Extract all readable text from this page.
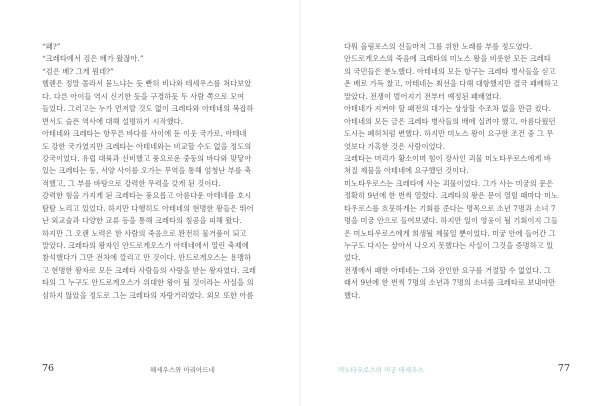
“왜?”
“크레타에서 검은 배가 왔잖아.”
“검은 배? 그게 뭔데?”
헬렌은 정말 몰라서 묻느냐는 듯 빤히 비나와 테세우스를 쳐다보았
다. 다른 아이들 역시 신기한 듯을 구경하듯 두 사람 쪽으로 모여
들었다. 그러고는 누가 먼저랄 것도 없이 크레타와 아테네의 복잡하
면서도 슬픈 역사에 대해 설명하기 시작했다.
아테네와 크레타는 항무른 바다를 사이에 둔 이웃 국가로, 아테네
도 강한 국가였지만 크레타는 아테네와는 비교할 수도 없을 정도의
강국이었다. 유럽 대륙과 신비했고 풍요로운 중동의 바다와 맞닿아
있는 크레타는 동, 서양 사이를 오가는 무역을 통해 엄청난 부를 축
적했고, 그 부를 바탕으로 강력한 무력을 갖게 된 것이다.
강력한 힘을 가지게 된 크레타는 풍요롭고 아름다운 아테네를 호시
탐탐 노리고 있었다. 하지만 다행히도 아테네의 현명한 왕들은 뛰어
난 외교술과 다양한 교류 등을 통해 크레타의 침공을 피해 왔다.
하지만 그 오랜 노력은 한 사람의 죽음으로 완전히 물거품이 되고
말았다. 크레타의 왕자인 안드로게오스가 아테네에서 열린 축제에
참석했다가 그만 전차에 깔리고 만 것이다. 안드로게오스는 용맹하
고 현명한 왕자로 모든 크레타 사람들의 사랑을 받는 왕자였다. 크레
타의 그 누구도 안드로게오스가 위대한 왕이 될 것이라는 사실을 의
심하지 않았을 정도로 그는 크레타의 자랑거리였다. 외모 또한 아름
76	해세우스와 아리아드네
다워 올림포스의 신들마저 그를 위한 노래를 부를 정도였다.
안드로게오스의 죽음에 크레타의 미노스 왕을 비롯한 모든 크레타
의 국민들은 분노했다. 아테네의 모든 항구는 크레타 병사들을 싣고
온 배로 가득 찼고, 아테네는 최선을 다해 대항했지만 결국 패배하고
말았다. 전쟁이 벌어지기 전부터 예정된 패배였다.
아테네가 지켜야 할 패전의 대가는 상상할 수조차 없을 만큼 컸다.
아테네의 모든 금은 크레타 병사들의 배에 실려야 했고, 아름다웠던
도시는 폐허처럼 변했다. 하지만 미노스 왕이 요구한 조건 중 그 무
엇보다 가혹한 것은 사람이었다.
크레타는 머리가 황소이며 힘이 장사인 괴물 미노타우로스에게 바
쳐질 제물을 아테네에 요구했던 것이다.
미노타우로스는 크레타에 사는 괴물이었다. 그가 사는 미궁의 문은
정확히 9년에 한 번씩 열렸다. 크레타의 왕은 문이 열릴 때마다 미노
타우로스를 흐뭇하게는 기회를 준다는 명목으로 소년 7명과 소녀 7
명을 미궁 안으로 들여보냈다. 하지만 일이 영웅이 될 기회이지 그들
은 미노타우로스에게 희생될 제물일 뿐이었다. 미궁 안에 들어간 그
누구도 다시는 살아서 나오지 못했다는 사실이 그것을 증명하고 있
었다.
전쟁에서 패한 아테네는 그와 잔인한 요구를 거절할 수 없었다. 그
래서 9년에 한 번씩 7명의 소년과 7명의 소녀를 크레타로 보내야만
했다.
미노타우로스의 미궁 테세우스	77
